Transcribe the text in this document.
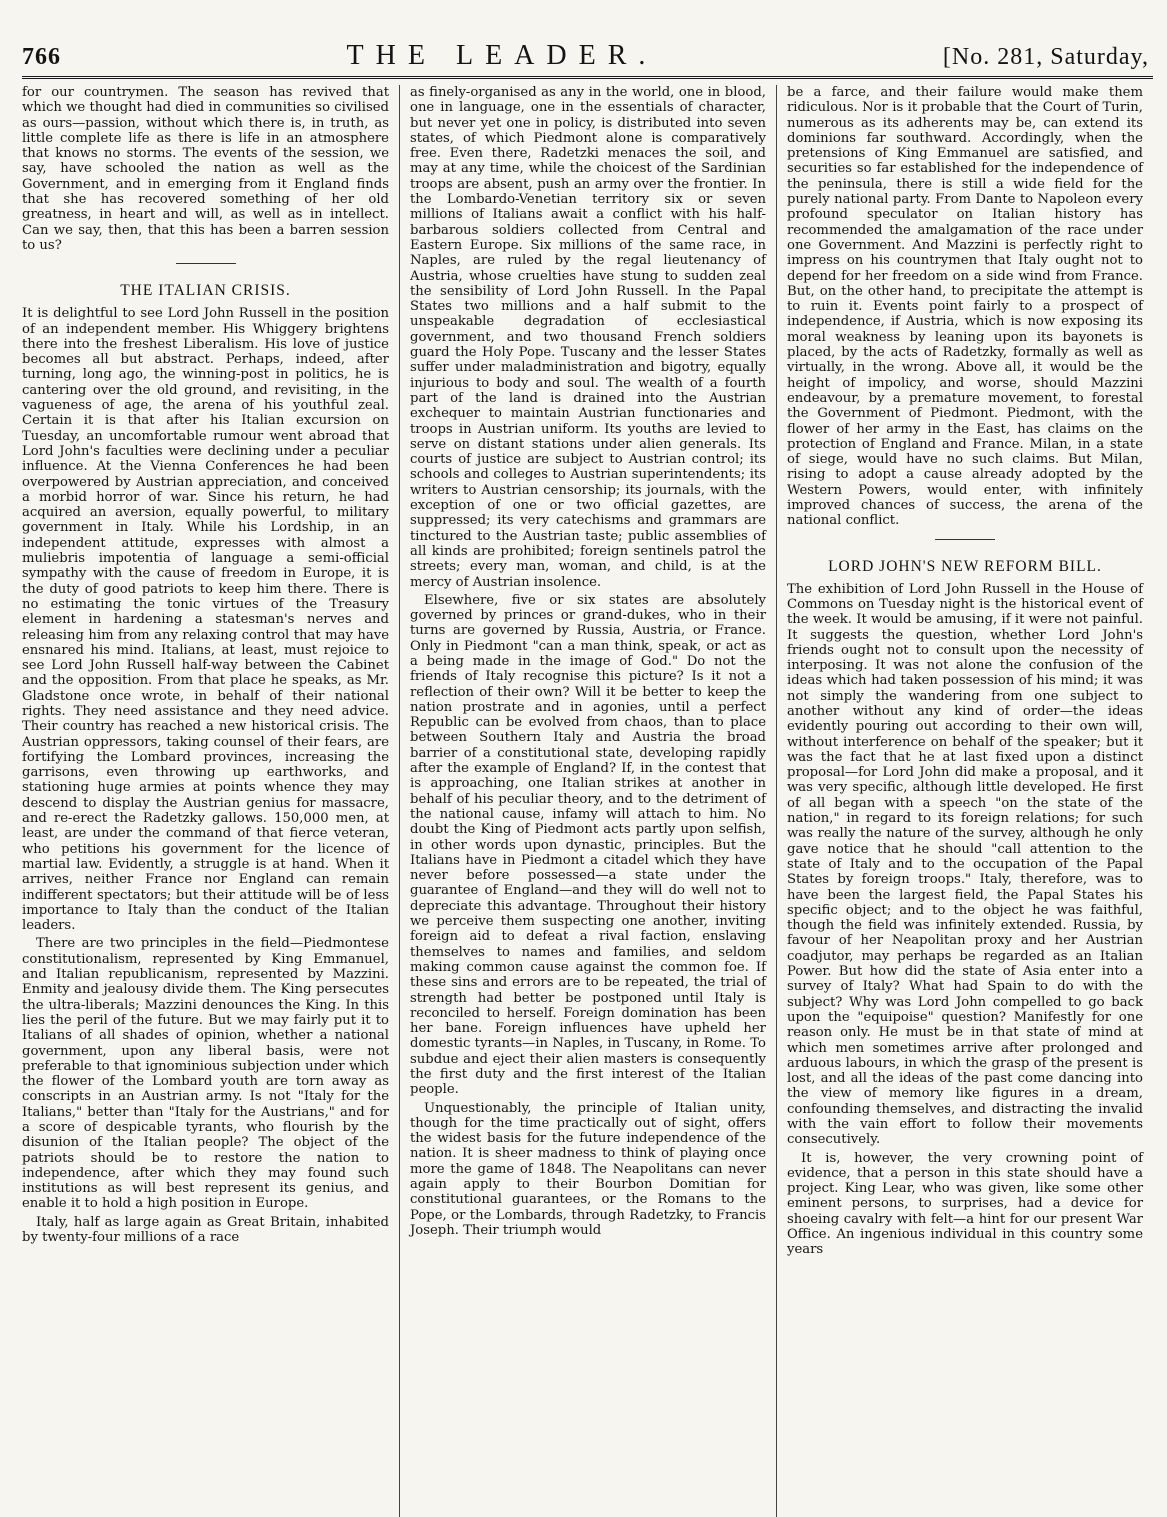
766	THE LEADER.	[No. 281, Saturday,

for our countrymen. The season has revived that which we thought had died in communities so civilised as ours—passion, without which there is, in truth, as little complete life as there is life in an atmosphere that knows no storms. The events of the session, we say, have schooled the nation as well as the Government, and in emerging from it England finds that she has recovered something of her old greatness, in heart and will, as well as in intellect. Can we say, then, that this has been a barren session to us?

THE ITALIAN CRISIS.

It is delightful to see Lord John Russell in the position of an independent member. His Whiggery brightens there into the freshest Liberalism. His love of justice becomes all but abstract. Perhaps, indeed, after turning, long ago, the winning-post in politics, he is cantering over the old ground, and revisiting, in the vagueness of age, the arena of his youthful zeal. Certain it is that after his Italian excursion on Tuesday, an uncomfortable rumour went abroad that Lord John's faculties were declining under a peculiar influence. At the Vienna Conferences he had been overpowered by Austrian appreciation, and conceived a morbid horror of war. Since his return, he had acquired an aversion, equally powerful, to military government in Italy. While his Lordship, in an independent attitude, expresses with almost a muliebris impotentia of language a semi-official sympathy with the cause of freedom in Europe, it is the duty of good patriots to keep him there. There is no estimating the tonic virtues of the Treasury element in hardening a statesman's nerves and releasing him from any relaxing control that may have ensnared his mind. Italians, at least, must rejoice to see Lord John Russell half-way between the Cabinet and the opposition. From that place he speaks, as Mr. Gladstone once wrote, in behalf of their national rights. They need assistance and they need advice. Their country has reached a new historical crisis. The Austrian oppressors, taking counsel of their fears, are fortifying the Lombard provinces, increasing the garrisons, even throwing up earthworks, and stationing huge armies at points whence they may descend to display the Austrian genius for massacre, and re-erect the Radetzky gallows. 150,000 men, at least, are under the command of that fierce veteran, who petitions his government for the licence of martial law. Evidently, a struggle is at hand. When it arrives, neither France nor England can remain indifferent spectators; but their attitude will be of less importance to Italy than the conduct of the Italian leaders.

There are two principles in the field—Piedmontese constitutionalism, represented by King Emmanuel, and Italian republicanism, represented by Mazzini. Enmity and jealousy divide them. The King persecutes the ultra-liberals; Mazzini denounces the King. In this lies the peril of the future. But we may fairly put it to Italians of all shades of opinion, whether a national government, upon any liberal basis, were not preferable to that ignominious subjection under which the flower of the Lombard youth are torn away as conscripts in an Austrian army. Is not "Italy for the Italians," better than "Italy for the Austrians," and for a score of despicable tyrants, who flourish by the disunion of the Italian people? The object of the patriots should be to restore the nation to independence, after which they may found such institutions as will best represent its genius, and enable it to hold a high position in Europe.

Italy, half as large again as Great Britain, inhabited by twenty-four millions of a race

as finely-organised as any in the world, one in blood, one in language, one in the essentials of character, but never yet one in policy, is distributed into seven states, of which Piedmont alone is comparatively free. Even there, Radetzki menaces the soil, and may at any time, while the choicest of the Sardinian troops are absent, push an army over the frontier. In the Lombardo-Venetian territory six or seven millions of Italians await a conflict with his half-barbarous soldiers collected from Central and Eastern Europe. Six millions of the same race, in Naples, are ruled by the regal lieutenancy of Austria, whose cruelties have stung to sudden zeal the sensibility of Lord John Russell. In the Papal States two millions and a half submit to the unspeakable degradation of ecclesiastical government, and two thousand French soldiers guard the Holy Pope. Tuscany and the lesser States suffer under maladministration and bigotry, equally injurious to body and soul. The wealth of a fourth part of the land is drained into the Austrian exchequer to maintain Austrian functionaries and troops in Austrian uniform. Its youths are levied to serve on distant stations under alien generals. Its courts of justice are subject to Austrian control; its schools and colleges to Austrian superintendents; its writers to Austrian censorship; its journals, with the exception of one or two official gazettes, are suppressed; its very catechisms and grammars are tinctured to the Austrian taste; public assemblies of all kinds are prohibited; foreign sentinels patrol the streets; every man, woman, and child, is at the mercy of Austrian insolence.

Elsewhere, five or six states are absolutely governed by princes or grand-dukes, who in their turns are governed by Russia, Austria, or France. Only in Piedmont "can a man think, speak, or act as a being made in the image of God." Do not the friends of Italy recognise this picture? Is it not a reflection of their own? Will it be better to keep the nation prostrate and in agonies, until a perfect Republic can be evolved from chaos, than to place between Southern Italy and Austria the broad barrier of a constitutional state, developing rapidly after the example of England? If, in the contest that is approaching, one Italian strikes at another in behalf of his peculiar theory, and to the detriment of the national cause, infamy will attach to him. No doubt the King of Piedmont acts partly upon selfish, in other words upon dynastic, principles. But the Italians have in Piedmont a citadel which they have never before possessed—a state under the guarantee of England—and they will do well not to depreciate this advantage. Throughout their history we perceive them suspecting one another, inviting foreign aid to defeat a rival faction, enslaving themselves to names and families, and seldom making common cause against the common foe. If these sins and errors are to be repeated, the trial of strength had better be postponed until Italy is reconciled to herself. Foreign domination has been her bane. Foreign influences have upheld her domestic tyrants—in Naples, in Tuscany, in Rome. To subdue and eject their alien masters is consequently the first duty and the first interest of the Italian people.

Unquestionably, the principle of Italian unity, though for the time practically out of sight, offers the widest basis for the future independence of the nation. It is sheer madness to think of playing once more the game of 1848. The Neapolitans can never again apply to their Bourbon Domitian for constitutional guarantees, or the Romans to the Pope, or the Lombards, through Radetzky, to Francis Joseph. Their triumph would

be a farce, and their failure would make them ridiculous. Nor is it probable that the Court of Turin, numerous as its adherents may be, can extend its dominions far southward. Accordingly, when the pretensions of King Emmanuel are satisfied, and securities so far established for the independence of the peninsula, there is still a wide field for the purely national party. From Dante to Napoleon every profound speculator on Italian history has recommended the amalgamation of the race under one Government. And Mazzini is perfectly right to impress on his countrymen that Italy ought not to depend for her freedom on a side wind from France. But, on the other hand, to precipitate the attempt is to ruin it. Events point fairly to a prospect of independence, if Austria, which is now exposing its moral weakness by leaning upon its bayonets is placed, by the acts of Radetzky, formally as well as virtually, in the wrong. Above all, it would be the height of impolicy, and worse, should Mazzini endeavour, by a premature movement, to forestal the Government of Piedmont. Piedmont, with the flower of her army in the East, has claims on the protection of England and France. Milan, in a state of siege, would have no such claims. But Milan, rising to adopt a cause already adopted by the Western Powers, would enter, with infinitely improved chances of success, the arena of the national conflict.

LORD JOHN'S NEW REFORM BILL.

The exhibition of Lord John Russell in the House of Commons on Tuesday night is the historical event of the week. It would be amusing, if it were not painful. It suggests the question, whether Lord John's friends ought not to consult upon the necessity of interposing. It was not alone the confusion of the ideas which had taken possession of his mind; it was not simply the wandering from one subject to another without any kind of order—the ideas evidently pouring out according to their own will, without interference on behalf of the speaker; but it was the fact that he at last fixed upon a distinct proposal—for Lord John did make a proposal, and it was very specific, although little developed. He first of all began with a speech "on the state of the nation," in regard to its foreign relations; for such was really the nature of the survey, although he only gave notice that he should "call attention to the state of Italy and to the occupation of the Papal States by foreign troops." Italy, therefore, was to have been the largest field, the Papal States his specific object; and to the object he was faithful, though the field was infinitely extended. Russia, by favour of her Neapolitan proxy and her Austrian coadjutor, may perhaps be regarded as an Italian Power. But how did the state of Asia enter into a survey of Italy? What had Spain to do with the subject? Why was Lord John compelled to go back upon the "equipoise" question? Manifestly for one reason only. He must be in that state of mind at which men sometimes arrive after prolonged and arduous labours, in which the grasp of the present is lost, and all the ideas of the past come dancing into the view of memory like figures in a dream, confounding themselves, and distracting the invalid with the vain effort to follow their movements consecutively.

It is, however, the very crowning point of evidence, that a person in this state should have a project. King Lear, who was given, like some other eminent persons, to surprises, had a device for shoeing cavalry with felt—a hint for our present War Office. An ingenious individual in this country some years
